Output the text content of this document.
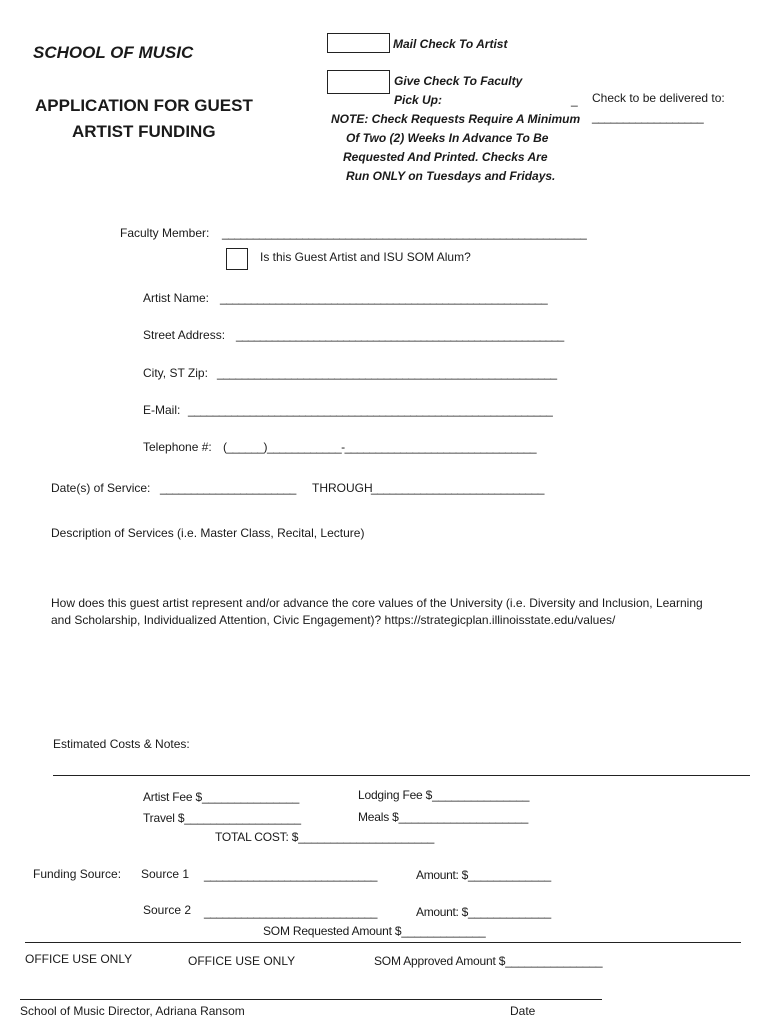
SCHOOL OF MUSIC
APPLICATION FOR GUEST
ARTIST FUNDING
Mail Check To Artist
Give Check To Faculty
Pick Up:	_
NOTE: Check Requests Require A Minimum
Of Two (2) Weeks In Advance To Be
Requested And Printed. Checks Are
Run ONLY on Tuesdays and Fridays.
Check to be delivered to:
__________________
Faculty Member: ___________________________________________________________
Is this Guest Artist and ISU SOM Alum?
Artist Name: _____________________________________________________
Street Address: _______________________________________________________
City, ST Zip: _______________________________________________________
E-Mail: ___________________________________________________________
Telephone #: (______)____________-_______________________________
Date(s) of Service: ______________________ THROUGH
____________________________
Description of Services (i.e. Master Class, Recital, Lecture)
How does this guest artist represent and/or advance the core values of the University (i.e. Diversity and Inclusion, Learning
and Scholarship, Individualized Attention, Civic Engagement)? https://strategicplan.illinoisstate.edu/values/
Estimated Costs & Notes:
Artist Fee $_______________	Lodging Fee $_______________
Travel $__________________	Meals $____________________
TOTAL COST: $_____________________
Funding Source: Source 1 ____________________________	Amount: $_____________
Source 2 ____________________________	Amount: $_____________
SOM Requested Amount $_____________
OFFICE USE ONLY	OFFICE USE ONLY	SOM Approved Amount $_______________
School of Music Director, Adriana Ransom	Date
